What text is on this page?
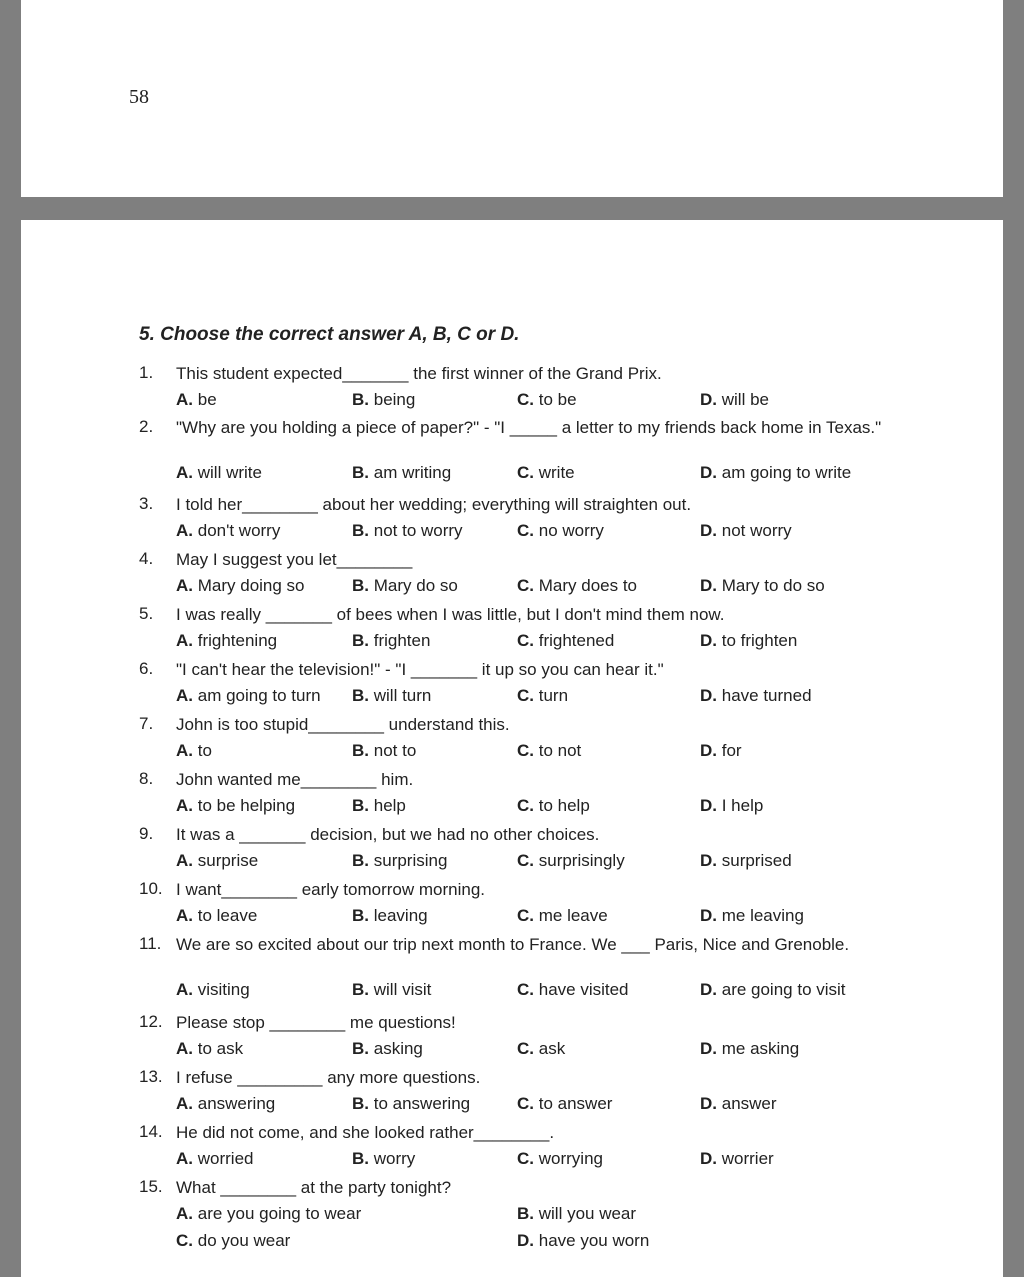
58
5. Choose the correct answer A, B, C or D.
1.	This student expected_______ the first winner of the Grand Prix.
A. be	B. being	C. to be	D. will be
2.	"Why are you holding a piece of paper?" - "I _____ a letter to my friends back home in Texas."
A. will write	B. am writing	C. write	D. am going to write
3.	I told her________ about her wedding; everything will straighten out.
A. don't worry	B. not to worry	C. no worry	D. not worry
4.	May I suggest you let________
A. Mary doing so	B. Mary do so	C. Mary does to	D. Mary to do so
5.	I was really _______ of bees when I was little, but I don't mind them now.
A. frightening	B. frighten	C. frightened	D. to frighten
6.	"I can't hear the television!" - "I _______ it up so you can hear it."
A. am going to turn B. will turn	C. turn	D. have turned
7.	John is too stupid________ understand this.
A. to	B. not to	C. to not	D. for
8.	John wanted me________ him.
A. to be helping	B. help	C. to help	D. I help
9.	It was a _______ decision, but we had no other choices.
A. surprise	B. surprising	C. surprisingly	D. surprised
10. I want________ early tomorrow morning.
A. to leave	B. leaving	C. me leave	D. me leaving
11. We are so excited about our trip next month to France. We ___ Paris, Nice and Grenoble.
A. visiting	B. will visit	C. have visited	D. are going to visit
12. Please stop ________ me questions!
A. to ask	B. asking	C. ask	D. me asking
13. I refuse _________ any more questions.
A. answering	B. to answering	C. to answer	D. answer
14. He did not come, and she looked rather________.
A. worried	B. worry	C. worrying	D. worrier
15. What ________ at the party tonight?
A. are you going to wear	B. will you wear
C. do you wear	D. have you worn
